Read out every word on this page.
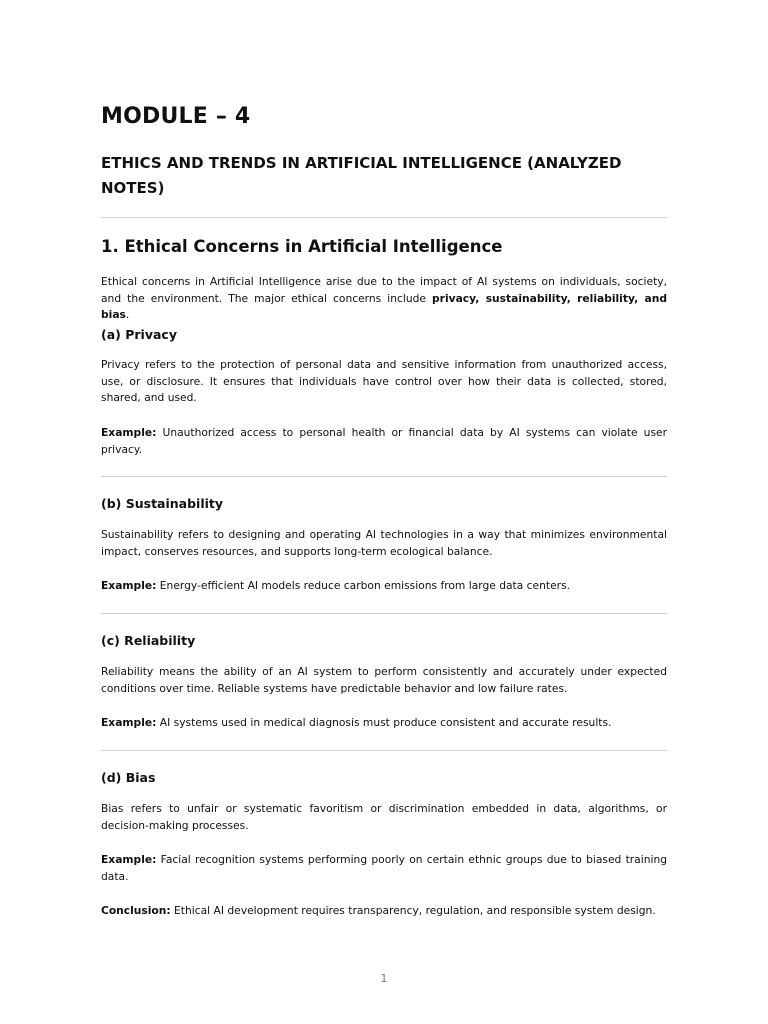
MODULE – 4
ETHICS AND TRENDS IN ARTIFICIAL INTELLIGENCE (ANALYZED NOTES)
1. Ethical Concerns in Artificial Intelligence

Ethical concerns in Artificial Intelligence arise due to the impact of AI systems on individuals, society, and the environment. The major ethical concerns include privacy, sustainability, reliability, and bias.

(a) Privacy

Privacy refers to the protection of personal data and sensitive information from unauthorized access, use, or disclosure. It ensures that individuals have control over how their data is collected, stored, shared, and used.

Example: Unauthorized access to personal health or financial data by AI systems can violate user privacy.

(b) Sustainability

Sustainability refers to designing and operating AI technologies in a way that minimizes environmental impact, conserves resources, and supports long-term ecological balance.

Example: Energy-efficient AI models reduce carbon emissions from large data centers.

(c) Reliability

Reliability means the ability of an AI system to perform consistently and accurately under expected conditions over time. Reliable systems have predictable behavior and low failure rates.

Example: AI systems used in medical diagnosis must produce consistent and accurate results.

(d) Bias

Bias refers to unfair or systematic favoritism or discrimination embedded in data, algorithms, or decision-making processes.

Example: Facial recognition systems performing poorly on certain ethnic groups due to biased training data.

Conclusion: Ethical AI development requires transparency, regulation, and responsible system design.

1
